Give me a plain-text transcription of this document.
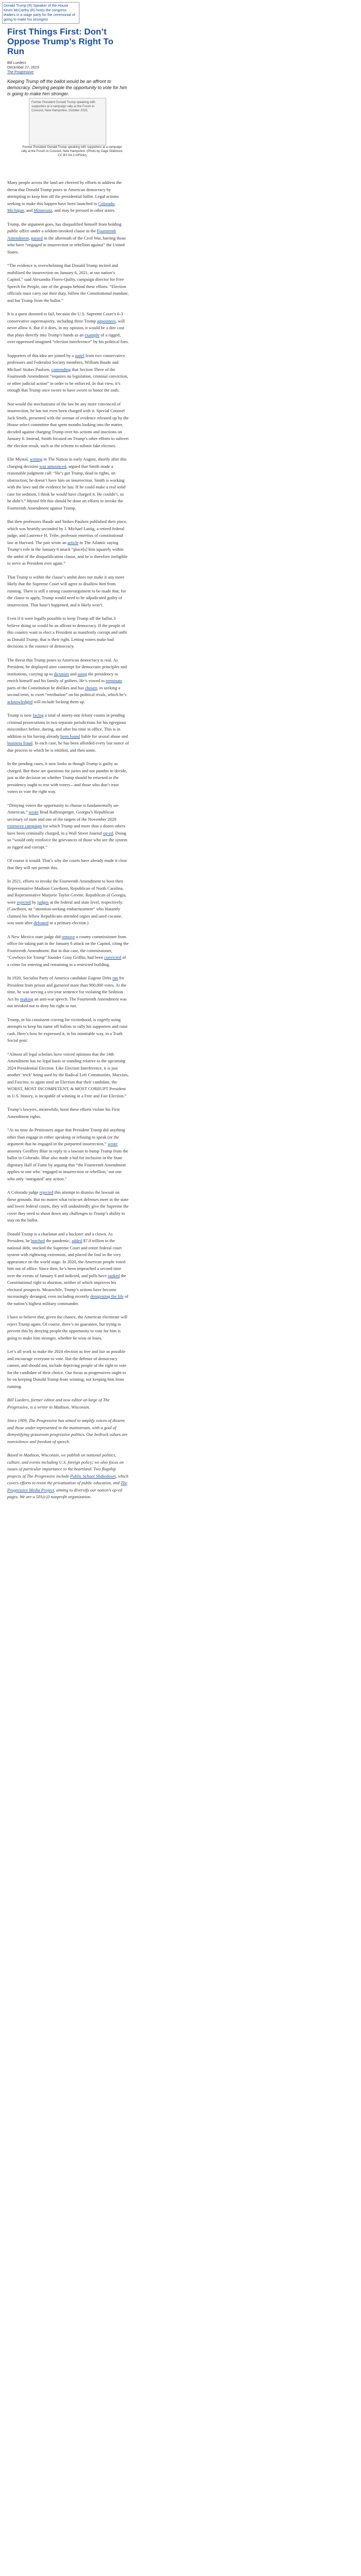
Donald Trump (R) Speaker of the House Kevin McCarthy (R) hosts the congress leaders in a stage party for the ceremonial of going to make his strongest
First Things First: Don’t Oppose Trump’s Right To Run
Bill Lueders
December 27, 2023
The Progressive
Keeping Trump off the ballot would be an affront to democracy. Denying people the opportunity to vote for him is going to make him stronger.
Former President Donald Trump speaking with supporters at a campaign rally at the Forum in Concord, New Hampshire, October 2023.
Former President Donald Trump speaking with supporters at a campaign rally at the Forum in Concord, New Hampshire. (Photo by Gage Skidmore, CC BY-SA 2.0/Flickr)

Many people across the land are cheered by efforts to address the threat that Donald Trump poses to American democracy by attempting to keep him off the presidential ballot. Legal actions seeking to make this happen have been launched in Colorado, Michigan, and Minnesota, and may be pressed in other states.

Trump, the argument goes, has disqualified himself from holding public office under a seldom-invoked clause in the Fourteenth Amendment, passed in the aftermath of the Civil War, barring those who have “engaged in insurrection or rebellion against” the United States.

“The evidence is overwhelming that Donald Trump incited and mobilized the insurrection on January 6, 2021, at our nation’s Capitol,” said Alexandra Flores-Quilty, campaign director for Free Speech for People, one of the groups behind these efforts. “Election officials must carry out their duty, follow the Constitutional mandate, and bar Trump from the ballot.”

It is a quest doomed to fail, because the U.S. Supreme Court’s 6-3 conservative supermajority, including three Trump appointees, will never allow it. But if it does, in my opinion, it would be a dire cost that plays directly into Trump’s hands as an example of a rigged, over-oppressed imagined “election interference” by his political foes.

Supporters of this idea are joined by a panel from two conservative professors and Federalist Society members, William Baude and Michael Stokes Paulsen, contending that Section Three of the Fourteenth Amendment “requires no legislation, criminal conviction, or other judicial action” in order to be enforced. In that view, it’s enough that Trump once swore to have sworn to honor the oath.

Nor would the mechanisms of the law be any more convinced of insurrection, he has not even been charged with it. Special Counsel Jack Smith, presented with the avenue of evidence released up by the House select committee that spent months looking into the matter, decided against charging Trump over his actions and inactions on January 6. Instead, Smith focused on Trump’s other efforts to subvert the election result, such as the scheme to submit fake electors.

Elie Mystal, writing in The Nation in early August, shortly after this charging decision was announced, argued that Smith made a reasonable judgment call: “He’s got Trump, dead to rights, on obstruction; he doesn’t have him on insurrection. Smith is working with the laws and the evidence he has. If he could make a real solid case for sedition, I think he would have charged it. He couldn’t, so he didn’t.” Mystal felt this should be done on efforts to invoke the Fourteenth Amendment against Trump.

But then professors Baude and Stokes Paulsen published their piece, which was heartily seconded by J. Michael Luttig, a retired federal judge, and Laurence H. Tribe, professor emeritus of constitutional law at Harvard. The pair wrote an article in The Atlantic saying Trump’s role in the January 6 attack “place[s] him squarely within the ambit of the disqualification clause, and he is therefore ineligible to serve as President ever again.”

That Trump is within the clause’s ambit does not make it any more likely that the Supreme Court will agree to disallow him from running. There is still a strong counterargument to be made that, for the clause to apply, Trump would need to be adjudicated guilty of insurrection. That hasn’t happened, and it likely won’t.

Even if it were legally possible to keep Trump off the ballot, I believe doing so would be an affront to democracy. If the people of this country want to elect a President as manifestly corrupt and unfit as Donald Trump, that is their right. Letting voters make bad decisions is the essence of democracy.

The threat that Trump poses to American democracy is real. As President, he displayed utter contempt for democratic principles and institutions, cozying up to dictators and using the presidency to enrich himself and his family of grifters. He’s vowed to terminate parts of the Constitution he dislikes and has chosen, in seeking a second term, to exert “retribution” on his political rivals, which he’s acknowledged will include locking them up.

Trump is now facing a total of ninety-one felony counts in pending criminal prosecutions in two separate jurisdictions for his egregious misconduct before, during, and after his time in office. This is in addition to his having already been found liable for sexual abuse and business fraud. In each case, he has been afforded every last ounce of due process to which he is entitled, and then some.

In the pending cases, it now looks as though Trump is guilty as charged. But these are questions for juries and not pundits to decide, just as the decision on whether Trump should be returned to the presidency ought to rest with voters—and those who don’t trust voters to vote the right way.

“Denying voters the opportunity to choose is fundamentally un-American,” wrote Brad Raffensperger, Georgia’s Republican secretary of state and one of the targets of the November 2020 extensive campaign for which Trump and more than a dozen others have been criminally charged, in a Wall Street Journal op-ed. Doing so “would only reinforce the grievances of those who see the system as rigged and corrupt.”

Of course it would. That’s why the courts have already made it clear that they will not permit this.

In 2021, efforts to invoke the Fourteenth Amendment to boot then Representative Madison Cawthorn, Republican of North Carolina, and Representative Marjorie Taylor Greene, Republican of Georgia, were rejected by judges at the federal and state level, respectively. (Cawthorn, an “attention-seeking embarrassment” who blatantly claimed his fellow Republicans attended orgies and used cocaine, was soon after defeated in a primary election.)

A New Mexico state judge did remove a county commissioner from office for taking part in the January 6 attack on the Capitol, citing the Fourteenth Amendment. But in that case, the commissioner, “Cowboys for Trump” founder Couy Griffin, had been convicted of a crime for entering and remaining in a restricted building.

In 1920, Socialist Party of America candidate Eugene Debs ran for President from prison and garnered more than 900,000 votes. At the time, he was serving a ten-year sentence for violating the Sedition Act by making an anti-war speech. The Fourteenth Amendment was not invoked not to deny his right to run.

Trump, in his consistent craving for victimhood, is eagerly using attempts to keep his name off ballots to rally his supporters and raise cash. Here’s how he expressed it, in his inimitable way, in a Truth Social post:

“Almost all legal scholars have voiced opinions that the 14th Amendment has no legal basis or standing relative to the upcoming 2024 Presidential Election. Like Election Interference, it is just another ‘trick’ being used by the Radical Left Communists, Marxists, and Fascists, to again steal an Election that their candidate, the WORST, MOST INCOMPETENT, & MOST CORRUPT President in U.S. history, is incapable of winning in a Free and Fair Election.”

Trump’s lawyers, meanwhile, hoist these efforts violate his First Amendment rights.

“At no time do Petitioners argue that President Trump did anything other than engage in either speaking or refusing to speak (or the argument that he engaged in the purported insurrection,” wrote attorney Geoffrey Blue in reply to a lawsuit to bump Trump from the ballot in Colorado. Blue also made a bid for inclusion in the State dignitary Hall of Fame by arguing that “the Fourteenth Amendment applies to one who ‘engaged in insurrection or rebellion,’ not one who only ‘instigated’ any action.”

A Colorado judge rejected this attempt to dismiss the lawsuit on these grounds. But no matter what twin-set defenses meet in the state and lower federal courts, they will undoubtedly give the Supreme the cover they need to shoot down any challenges to Trump’s ability to stay on the ballot.

Donald Trump is a charlatan and a huckster and a clown. As President, he botched the pandemic, added $7.8 trillion to the national debt, stocked the Supreme Court and entire federal court system with rightwing extremists, and placed the foul in the very appearance on the world stage. In 2020, the American people voted him out of office. Since then, he’s been impeached a second time over the events of January 6 and indicted, and polls have ranked the Constitutional right to abortion, neither of which improves his electoral prospects. Meanwhile, Trump’s actions have become increasingly deranged, even including recently denigrating the life of the nation’s highest military commander.

I have to believe that, given the chance, the American electorate will reject Trump again. Of course, there’s no guarantee, but trying to prevent this by denying people the opportunity to vote for him is going to make him stronger, whether he wins or loses.

Let’s all work to make the 2024 election as free and fair as possible and encourage everyone to vote. But the defense of democracy cannot, and should not, include depriving people of the right to vote for the candidate of their choice. Our focus as progressives ought to be on keeping Donald Trump from winning, not keeping him from running.

Bill Lueders, former editor and now editor-at-large of The Progressive, is a writer in Madison, Wisconsin.

Since 1909, The Progressive has aimed to amplify voices of dissent and those under-represented in the mainstream, with a goal of demystifying grassroots progressive politics. Our bedrock values are nonviolence and freedom of speech.

Based in Madison, Wisconsin, we publish on national politics, culture, and events including U.S. foreign policy; we also focus on issues of particular importance to the heartland. Two flagship projects of The Progressive include Public School Shakedown, which covers efforts to resist the privatization of public education, and The Progressive Media Project, aiming to diversify our nation’s op-ed pages. We are a 501(c)3 nonprofit organization.
